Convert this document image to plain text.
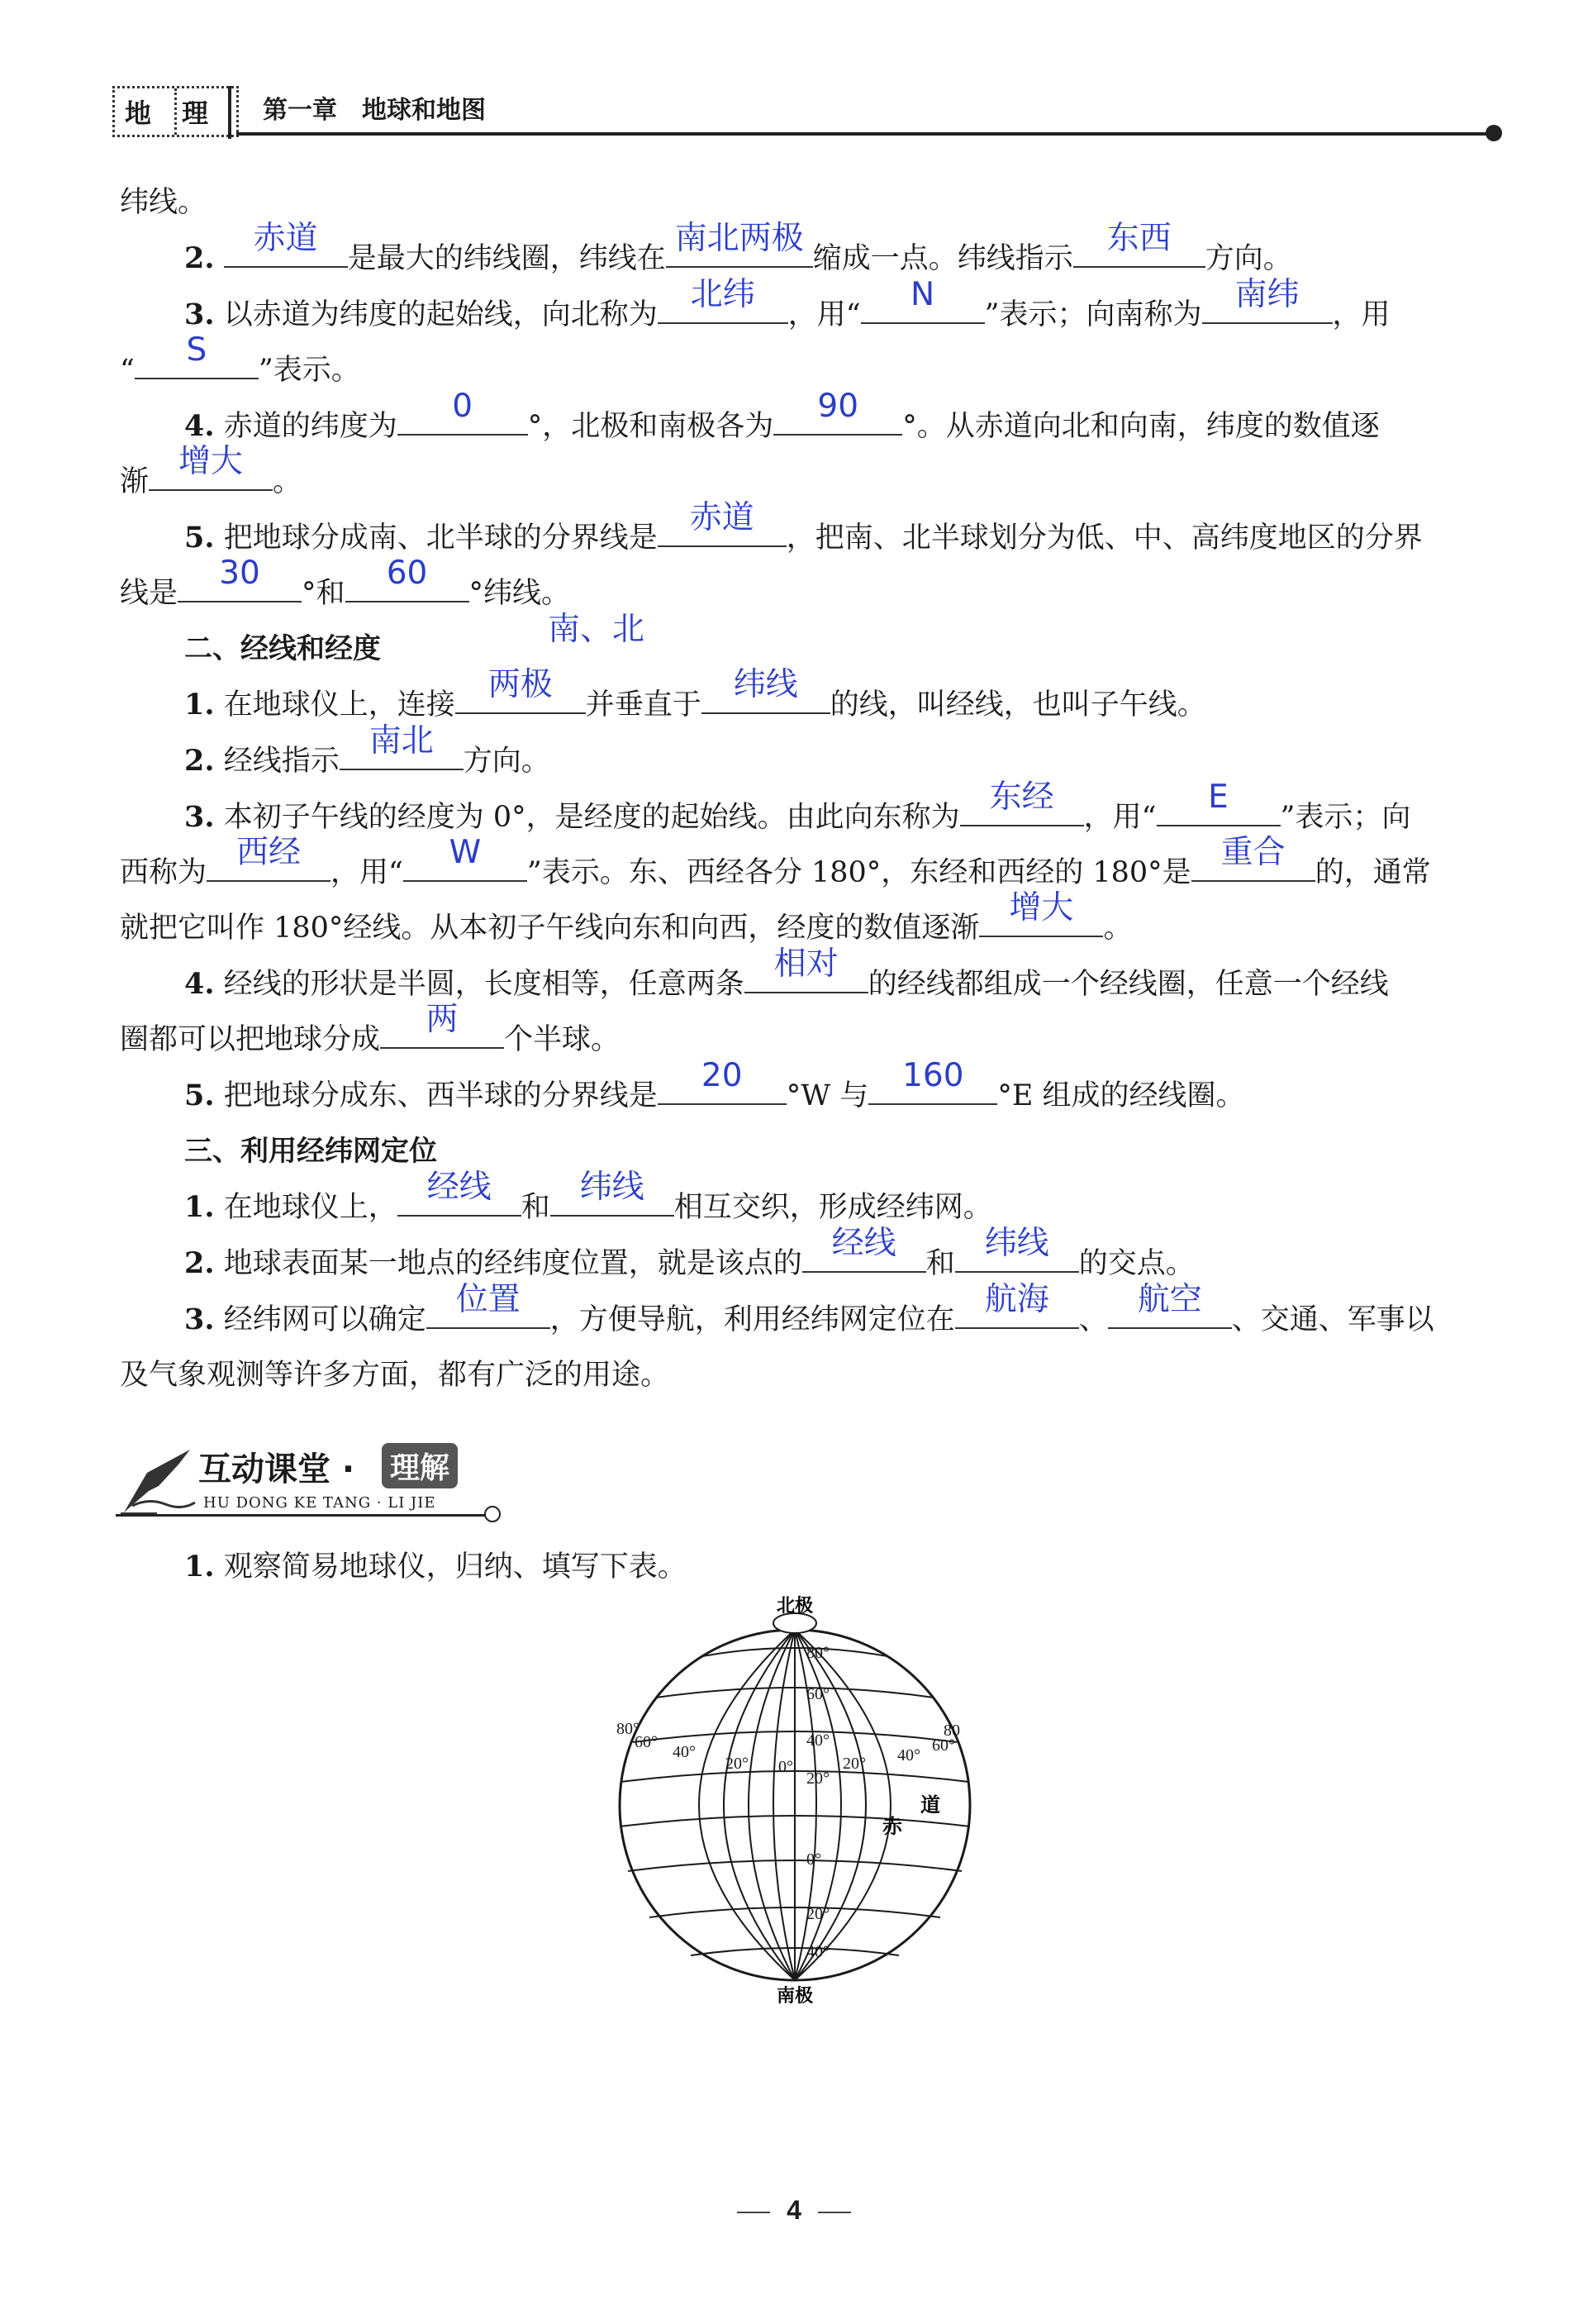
地 理 第一章　地球和地图

纬线。

2.
赤道
是最大的纬线圈，纬线在
南北两极
缩成一点。纬线指示
东西
方向。

3. 以赤道为纬度的起始线，向北称为
北纬
，用“
N
”表示；向南称为
南纬
，用

“
S
”表示。

4. 赤道的纬度为
0
°，北极和南极各为
90
°。从赤道向北和向南，纬度的数值逐

渐
增大
。

5. 把地球分成南、北半球的分界线是
赤道
，把南、北半球划分为低、中、高纬度地区的分界

线是
30
°和
60
°纬线。

二、经线和经度
南、北

1. 在地球仪上，连接
两极
并垂直于
纬线
的线，叫经线，也叫子午线。

2. 经线指示
南北
方向。

3. 本初子午线的经度为 0°，是经度的起始线。由此向东称为
东经
，用“
E
”表示；向

西称为
西经
，用“
W
”表示。东、西经各分 180°，东经和西经的 180°是
重合
的，通常

就把它叫作 180°经线。从本初子午线向东和向西，经度的数值逐渐
增大
。

4. 经线的形状是半圆，长度相等，任意两条
相对
的经线都组成一个经线圈，任意一个经线

圈都可以把地球分成
两
个半球。

5. 把地球分成东、西半球的分界线是
20
°W 与
160
°E 组成的经线圈。

三、利用经纬网定位

1. 在地球仪上，
经线
和
纬线
相互交织，形成经纬网。

2. 地球表面某一地点的经纬度位置，就是该点的
经线
和
纬线
的交点。

3. 经纬网可以确定
位置
，方便导航，利用经纬网定位在
航海
、
航空
、交通、军事以

及气象观测等许多方面，都有广泛的用途。

互动课堂 · 理解
HU DONG KE TANG · LI JIE

1. 观察简易地球仪，归纳、填写下表。

北极
南极
80°
60°
40°
20°
0°
20°
40°
80°
60°
40°
20° 0°	20° 40°
60°
80
赤
道
4
